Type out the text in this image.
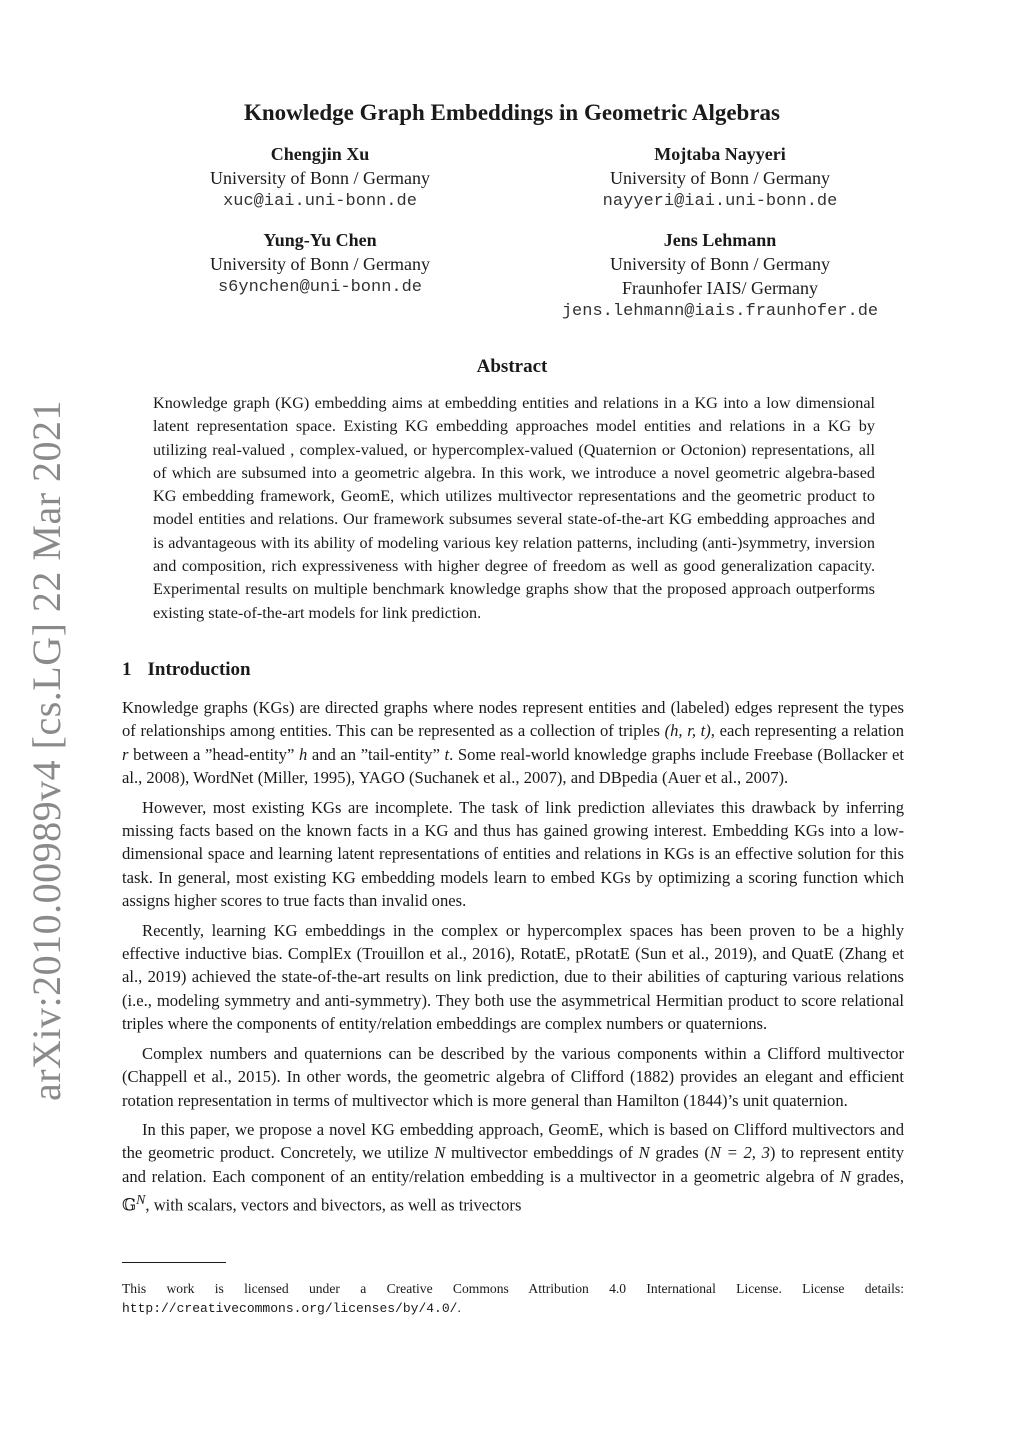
arXiv:2010.00989v4 [cs.LG] 22 Mar 2021
Knowledge Graph Embeddings in Geometric Algebras
Chengjin Xu
University of Bonn / Germany
xuc@iai.uni-bonn.de
Mojtaba Nayyeri
University of Bonn / Germany
nayyeri@iai.uni-bonn.de
Yung-Yu Chen
University of Bonn / Germany
s6ynchen@uni-bonn.de
Jens Lehmann
University of Bonn / Germany
Fraunhofer IAIS/ Germany
jens.lehmann@iais.fraunhofer.de
Abstract
Knowledge graph (KG) embedding aims at embedding entities and relations in a KG into a low dimensional latent representation space. Existing KG embedding approaches model entities and relations in a KG by utilizing real-valued , complex-valued, or hypercomplex-valued (Quaternion or Octonion) representations, all of which are subsumed into a geometric algebra. In this work, we introduce a novel geometric algebra-based KG embedding framework, GeomE, which utilizes multivector representations and the geometric product to model entities and relations. Our framework subsumes several state-of-the-art KG embedding approaches and is advantageous with its ability of modeling various key relation patterns, including (anti-)symmetry, inversion and composition, rich expressiveness with higher degree of freedom as well as good generalization capacity. Experimental results on multiple benchmark knowledge graphs show that the proposed approach outperforms existing state-of-the-art models for link prediction.
1 Introduction

Knowledge graphs (KGs) are directed graphs where nodes represent entities and (labeled) edges represent the types of relationships among entities. This can be represented as a collection of triples (h, r, t), each representing a relation r between a ”head-entity” h and an ”tail-entity” t. Some real-world knowledge graphs include Freebase (Bollacker et al., 2008), WordNet (Miller, 1995), YAGO (Suchanek et al., 2007), and DBpedia (Auer et al., 2007).

However, most existing KGs are incomplete. The task of link prediction alleviates this drawback by inferring missing facts based on the known facts in a KG and thus has gained growing interest. Embedding KGs into a low-dimensional space and learning latent representations of entities and relations in KGs is an effective solution for this task. In general, most existing KG embedding models learn to embed KGs by optimizing a scoring function which assigns higher scores to true facts than invalid ones.

Recently, learning KG embeddings in the complex or hypercomplex spaces has been proven to be a highly effective inductive bias. ComplEx (Trouillon et al., 2016), RotatE, pRotatE (Sun et al., 2019), and QuatE (Zhang et al., 2019) achieved the state-of-the-art results on link prediction, due to their abilities of capturing various relations (i.e., modeling symmetry and anti-symmetry). They both use the asymmetrical Hermitian product to score relational triples where the components of entity/relation embeddings are complex numbers or quaternions.

Complex numbers and quaternions can be described by the various components within a Clifford multivector (Chappell et al., 2015). In other words, the geometric algebra of Clifford (1882) provides an elegant and efficient rotation representation in terms of multivector which is more general than Hamilton (1844)’s unit quaternion.

In this paper, we propose a novel KG embedding approach, GeomE, which is based on Clifford multivectors and the geometric product. Concretely, we utilize N multivector embeddings of N grades (N = 2, 3) to represent entity and relation. Each component of an entity/relation embedding is a multivector in a geometric algebra of N grades, 𝔾$^N$, with scalars, vectors and bivectors, as well as trivectors

This work is licensed under a Creative Commons Attribution 4.0 International License. License details: http://creativecommons.org/licenses/by/4.0/.
